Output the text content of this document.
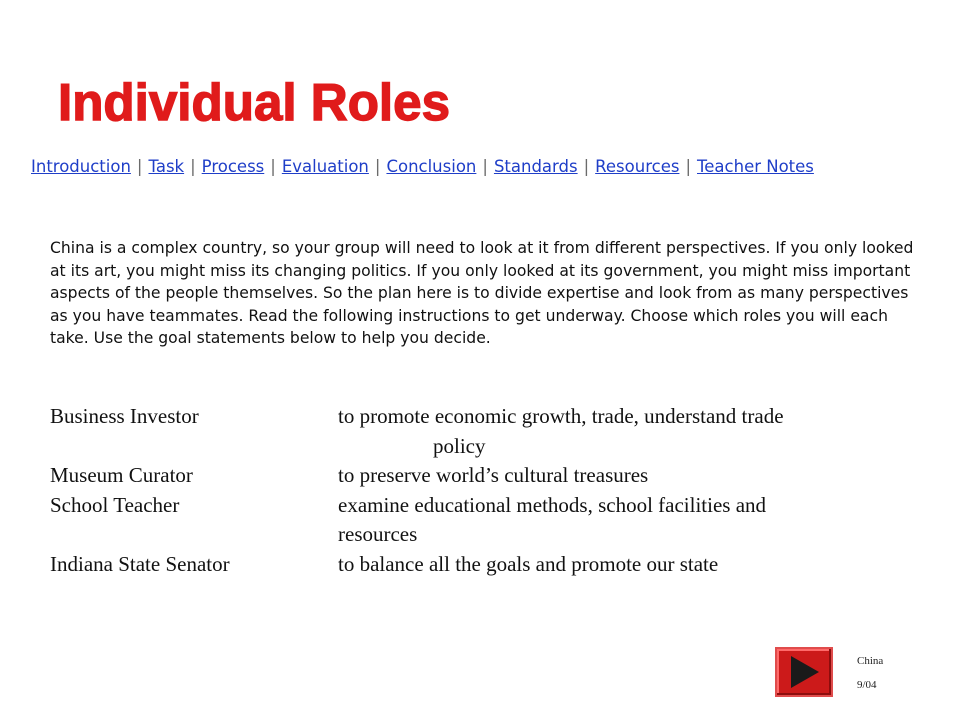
Individual Roles
Introduction | Task | Process | Evaluation | Conclusion | Standards | Resources | Teacher Notes
China is a complex country, so your group will need to look at it from different perspectives. If you only looked at its art, you might miss its changing politics. If you only looked at its government, you might miss important aspects of the people themselves. So the plan here is to divide expertise and look from as many perspectives as you have teammates. Read the following instructions to get underway. Choose which roles you will each take. Use the goal statements below to help you decide.
Business Investor	to promote economic growth, trade, understand trade
policy
Museum Curator	to preserve world’s cultural treasures
School Teacher	examine educational methods, school facilities and
resources
Indiana State Senator	to balance all the goals and promote our state
China
9/04
